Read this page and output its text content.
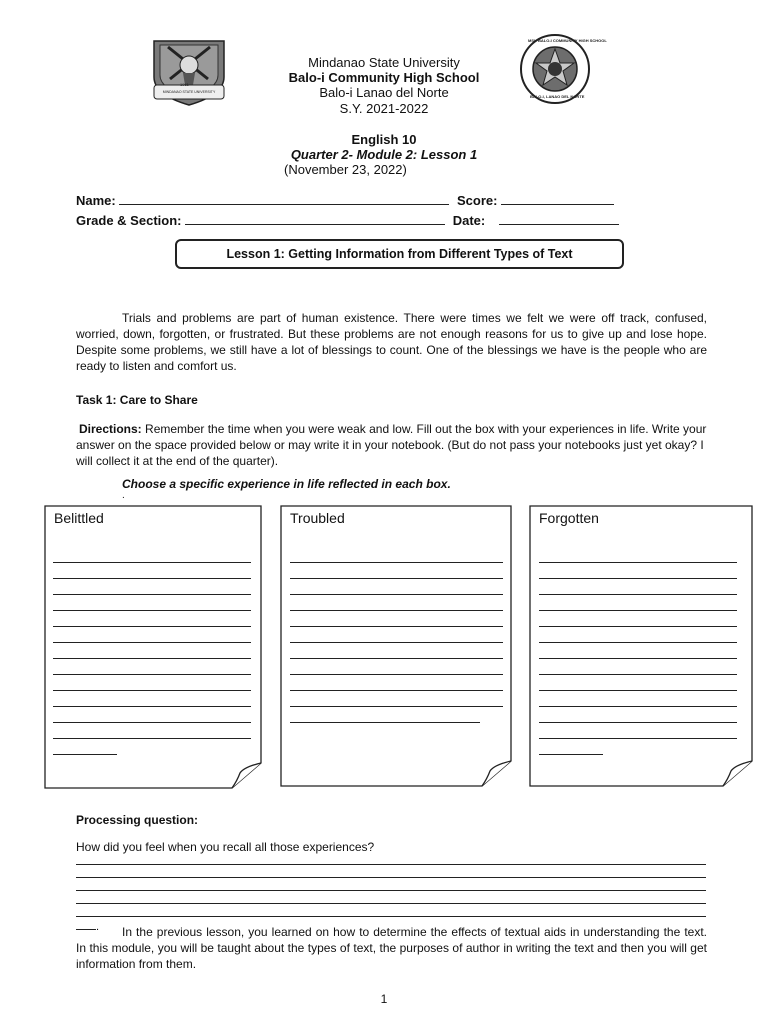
1961
MINDANAO STATE UNIVERSITY
MSU BALO-I COMMUNITY HIGH SCHOOL
BALO-I, LANAO DEL NORTE
Mindanao State University
Balo-i Community High School
Balo-i Lanao del Norte
S.Y. 2021-2022
English 10
Quarter 2- Module 2: Lesson 1
(November 23, 2022)
Name:	Score:
Grade & Section:	Date:
Lesson 1: Getting Information from Different Types of Text
Trials and problems are part of human existence. There were times we felt we were off track, confused, worried, down, forgotten, or frustrated. But these problems are not enough reasons for us to give up and lose hope. Despite some problems, we still have a lot of blessings to count. One of the blessings we have is the people who are ready to listen and comfort us.
Task 1: Care to Share
Directions: Remember the time when you were weak and low. Fill out the box with your experiences in life. Write your answer on the space provided below or may write it in your notebook. (But do not pass your notebooks just yet okay? I will collect it at the end of the quarter).
Choose a specific experience in life reflected in each box.
.
Belittled	Troubled	Forgotten
Processing question:
How did you feel when you recall all those experiences?
.	In the previous lesson, you learned on how to determine the effects of textual aids in understanding the text. In this module, you will be taught about the types of text, the purposes of author in writing the text and then you will get information from them.
1
